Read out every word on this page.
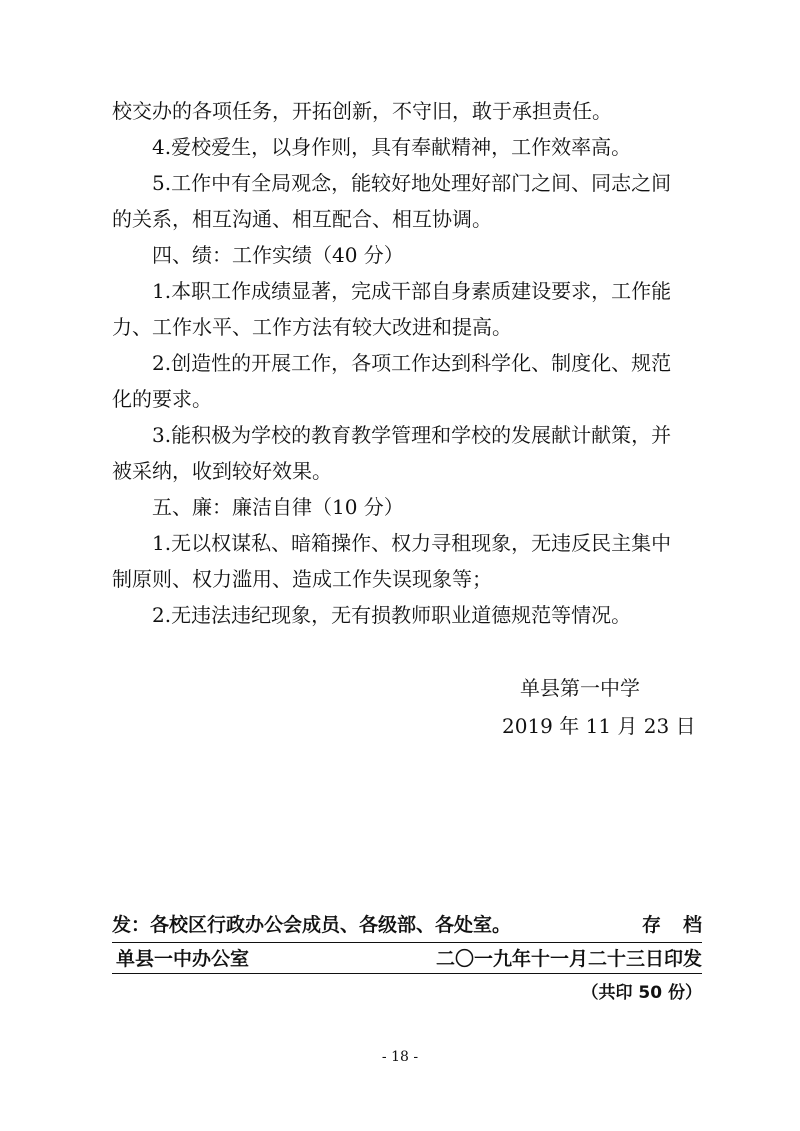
校交办的各项任务，开拓创新，不守旧，敢于承担责任。
4.爱校爱生，以身作则，具有奉献精神，工作效率高。
5.工作中有全局观念，能较好地处理好部门之间、同志之间
的关系，相互沟通、相互配合、相互协调。
四、绩：工作实绩（40 分）
1.本职工作成绩显著，完成干部自身素质建设要求，工作能
力、工作水平、工作方法有较大改进和提高。
2.创造性的开展工作，各项工作达到科学化、制度化、规范
化的要求。
3.能积极为学校的教育教学管理和学校的发展献计献策，并
被采纳，收到较好效果。
五、廉：廉洁自律（10 分）
1.无以权谋私、暗箱操作、权力寻租现象，无违反民主集中
制原则、权力滥用、造成工作失误现象等；
2.无违法违纪现象，无有损教师职业道德规范等情况。
单县第一中学
2019 年 11 月 23 日
发：各校区行政办公会成员、各级部、各处室。	存档
单县一中办公室	二〇一九年十一月二十三日印发
（共印 50 份）
- 18 -
